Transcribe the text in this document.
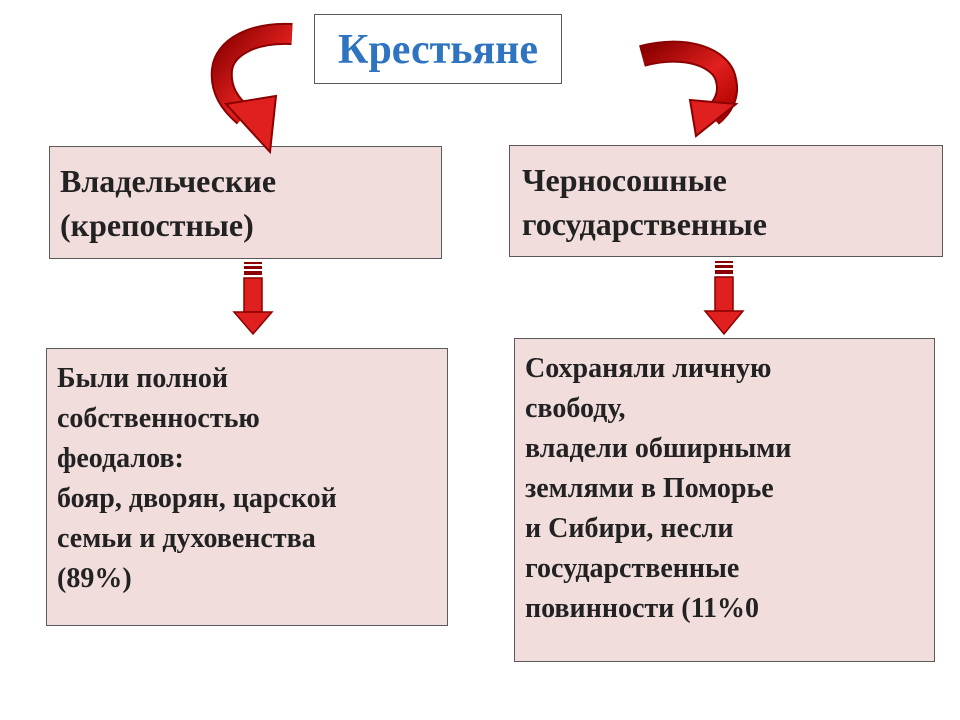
Крестьяне
Владельческие
(крепостные)
Черносошные
государственные
Были полной
собственностью
феодалов:
бояр, дворян, царской
семьи и духовенства
(89%)
Сохраняли личную
свободу,
владели обширными
землями в Поморье
и Сибири, несли
государственные
повинности (11%0
